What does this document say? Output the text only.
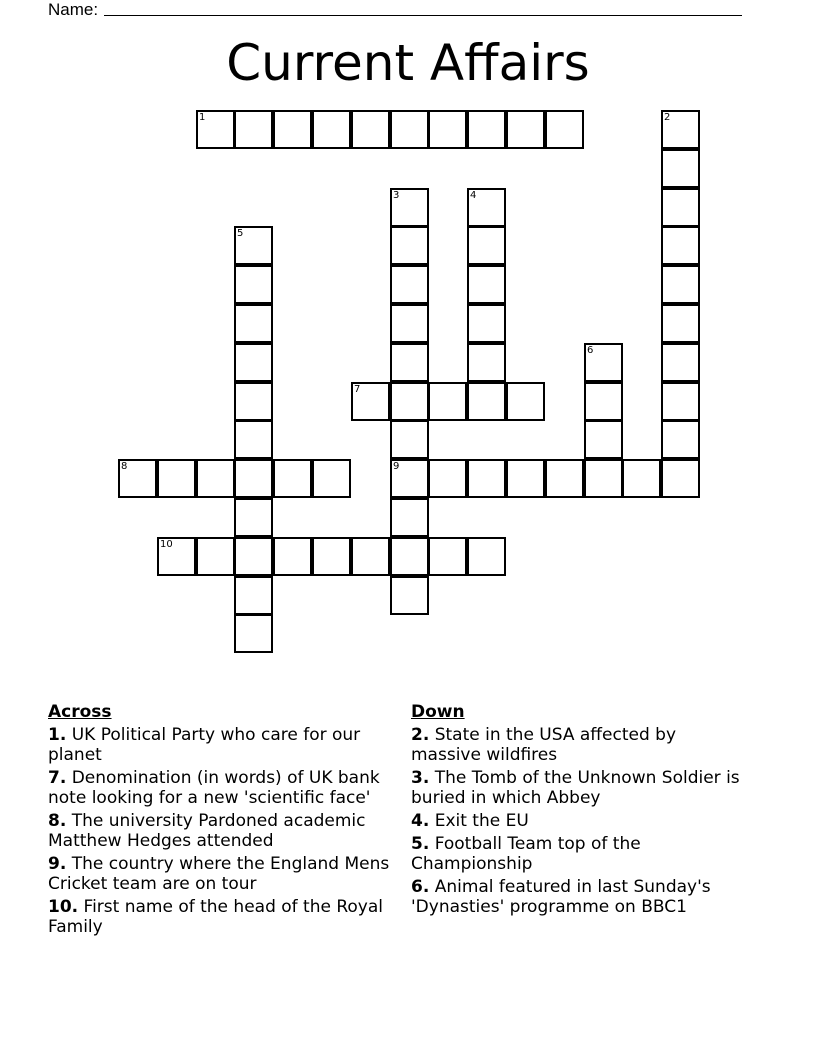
Name:
Current Affairs
1	2
3
9
4
5
6
7
8
10
Across
1. UK Political Party who care for our planet
7. Denomination (in words) of UK bank note looking for a new 'scientific face'
8. The university Pardoned academic Matthew Hedges attended
9. The country where the England Mens Cricket team are on tour
10. First name of the head of the Royal Family
Down
2. State in the USA affected by massive wildfires
3. The Tomb of the Unknown Soldier is buried in which Abbey
4. Exit the EU
5. Football Team top of the Championship
6. Animal featured in last Sunday's 'Dynasties' programme on BBC1
